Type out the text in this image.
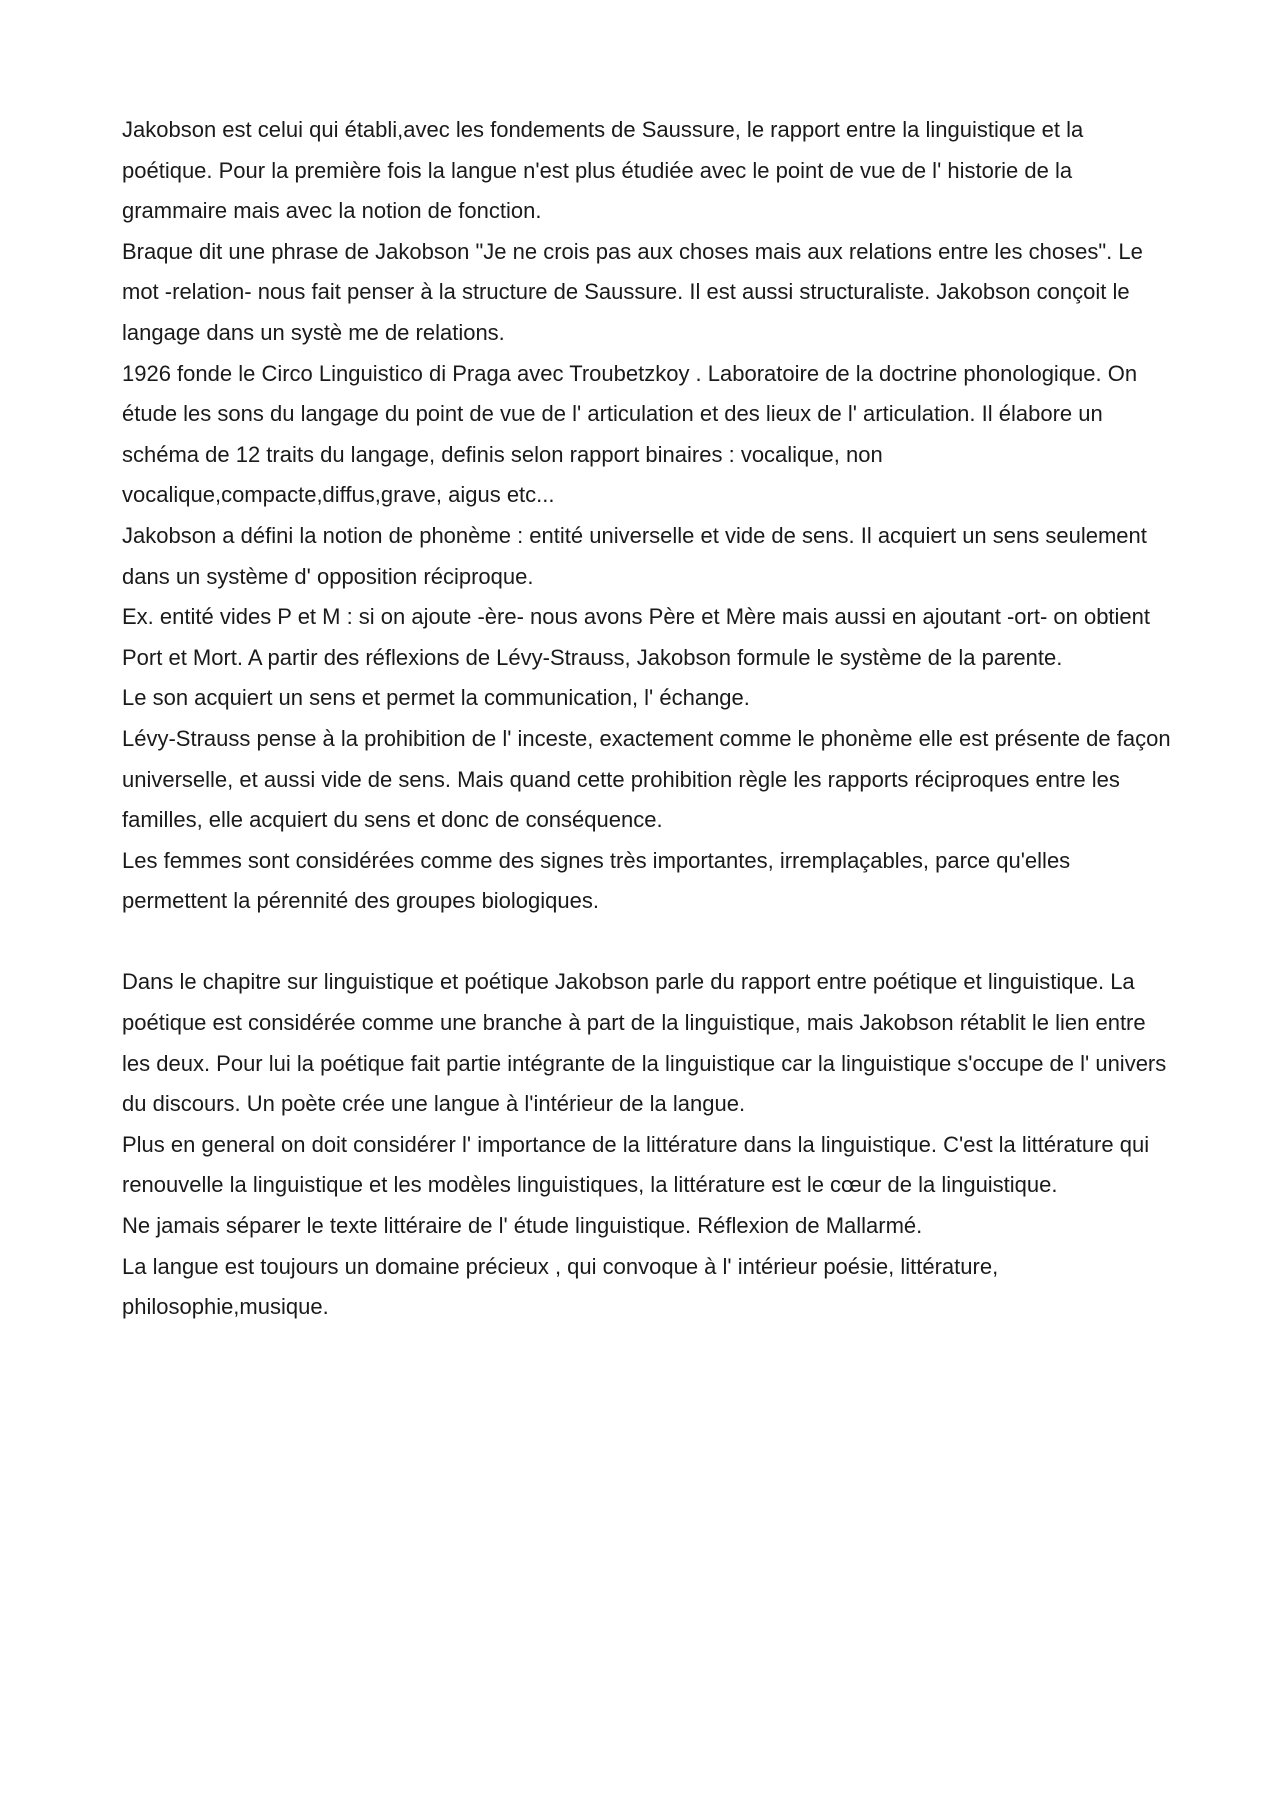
Jakobson est celui qui établi,avec les fondements de Saussure, le rapport entre la linguistique et la poétique. Pour la première fois la langue n'est plus étudiée avec le point de vue de l' historie de la grammaire mais avec la notion de fonction.

Braque dit une phrase de Jakobson "Je ne crois pas aux choses mais aux relations entre les choses". Le mot -relation- nous fait penser à la structure de Saussure. Il est aussi structuraliste. Jakobson conçoit le langage dans un systè me de relations.

1926 fonde le Circo Linguistico di Praga avec Troubetzkoy . Laboratoire de la doctrine phonologique. On étude les sons du langage du point de vue de l' articulation et des lieux de l' articulation. Il élabore un schéma de 12 traits du langage, definis selon rapport binaires : vocalique, non vocalique,compacte,diffus,grave, aigus etc...

Jakobson a défini la notion de phonème : entité universelle et vide de sens. Il acquiert un sens seulement dans un système d' opposition réciproque.

Ex. entité vides P et M : si on ajoute -ère- nous avons Père et Mère mais aussi en ajoutant -ort- on obtient Port et Mort. A partir des réflexions de Lévy-Strauss, Jakobson formule le système de la parente.

Le son acquiert un sens et permet la communication, l' échange.

Lévy-Strauss pense à la prohibition de l' inceste, exactement comme le phonème elle est présente de façon universelle, et aussi vide de sens. Mais quand cette prohibition règle les rapports réciproques entre les familles, elle acquiert du sens et donc de conséquence.

Les femmes sont considérées comme des signes très importantes, irremplaçables, parce qu'elles permettent la pérennité des groupes biologiques.

Dans le chapitre sur linguistique et poétique Jakobson parle du rapport entre poétique et linguistique. La poétique est considérée comme une branche à part de la linguistique, mais Jakobson rétablit le lien entre les deux. Pour lui la poétique fait partie intégrante de la linguistique car la linguistique s'occupe de l' univers du discours. Un poète crée une langue à l'intérieur de la langue.

Plus en general on doit considérer l' importance de la littérature dans la linguistique. C'est la littérature qui renouvelle la linguistique et les modèles linguistiques, la littérature est le cœur de la linguistique.

Ne jamais séparer le texte littéraire de l' étude linguistique. Réflexion de Mallarmé.

La langue est toujours un domaine précieux , qui convoque à l' intérieur poésie, littérature, philosophie,musique.
